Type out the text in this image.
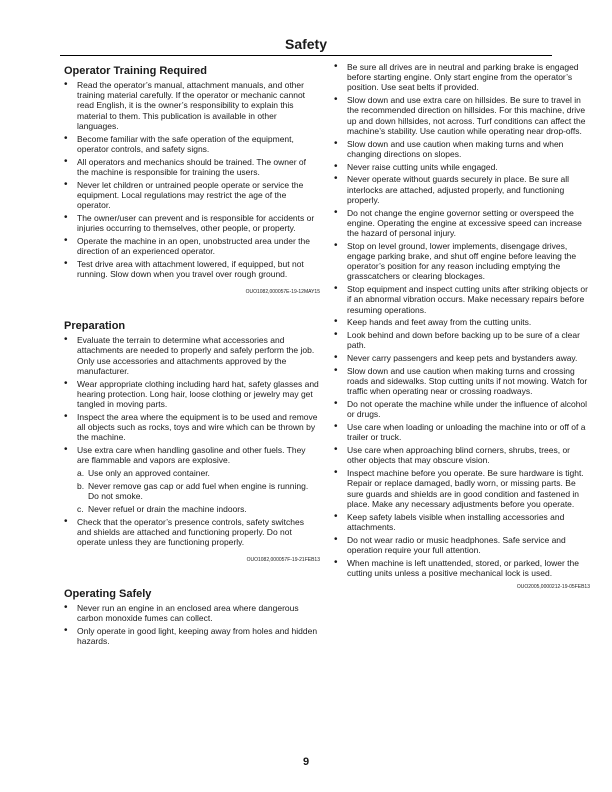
Safety
Operator Training Required
• Read the operator’s manual, attachment manuals, and other training material carefully. If the operator or mechanic cannot read English, it is the owner’s responsibility to explain this material to them. This publication is available in other languages.
• Become familiar with the safe operation of the equipment, operator controls, and safety signs.
• All operators and mechanics should be trained. The owner of the machine is responsible for training the users.
• Never let children or untrained people operate or service the equipment. Local regulations may restrict the age of the operator.
• The owner/user can prevent and is responsible for accidents or injuries occurring to themselves, other people, or property.
• Operate the machine in an open, unobstructed area under the direction of an experienced operator.
• Test drive area with attachment lowered, if equipped, but not running. Slow down when you travel over rough ground.
OUO1082,000057E-19-12MAY15
Preparation
• Evaluate the terrain to determine what accessories and attachments are needed to properly and safely perform the job. Only use accessories and attachments approved by the manufacturer.
• Wear appropriate clothing including hard hat, safety glasses and hearing protection. Long hair, loose clothing or jewelry may get tangled in moving parts.
• Inspect the area where the equipment is to be used and remove all objects such as rocks, toys and wire which can be thrown by the machine.
• Use extra care when handling gasoline and other fuels. They are flammable and vapors are explosive.
a. Use only an approved container.
b. Never remove gas cap or add fuel when engine is running. Do not smoke.
c. Never refuel or drain the machine indoors.
• Check that the operator’s presence controls, safety switches and shields are attached and functioning properly. Do not operate unless they are functioning properly.
OUO1082,000057F-19-21FEB13
Operating Safely
• Never run an engine in an enclosed area where dangerous carbon monoxide fumes can collect.
• Only operate in good light, keeping away from holes and hidden hazards.
• Be sure all drives are in neutral and parking brake is engaged before starting engine. Only start engine from the operator’s position. Use seat belts if provided.
• Slow down and use extra care on hillsides. Be sure to travel in the recommended direction on hillsides. For this machine, drive up and down hillsides, not across. Turf conditions can affect the machine’s stability. Use caution while operating near drop-offs.
• Slow down and use caution when making turns and when changing directions on slopes.
• Never raise cutting units while engaged.
• Never operate without guards securely in place. Be sure all interlocks are attached, adjusted properly, and functioning properly.
• Do not change the engine governor setting or overspeed the engine. Operating the engine at excessive speed can increase the hazard of personal injury.
• Stop on level ground, lower implements, disengage drives, engage parking brake, and shut off engine before leaving the operator’s position for any reason including emptying the grasscatchers or clearing blockages.
• Stop equipment and inspect cutting units after striking objects or if an abnormal vibration occurs. Make necessary repairs before resuming operations.
• Keep hands and feet away from the cutting units.
• Look behind and down before backing up to be sure of a clear path.
• Never carry passengers and keep pets and bystanders away.
• Slow down and use caution when making turns and crossing roads and sidewalks. Stop cutting units if not mowing. Watch for traffic when operating near or crossing roadways.
• Do not operate the machine while under the influence of alcohol or drugs.
• Use care when loading or unloading the machine into or off of a trailer or truck.
• Use care when approaching blind corners, shrubs, trees, or other objects that may obscure vision.
• Inspect machine before you operate. Be sure hardware is tight. Repair or replace damaged, badly worn, or missing parts. Be sure guards and shields are in good condition and fastened in place. Make any necessary adjustments before you operate.
• Keep safety labels visible when installing accessories and attachments.
• Do not wear radio or music headphones. Safe service and operation require your full attention.
• When machine is left unattended, stored, or parked, lower the cutting units unless a positive mechanical lock is used.
OUO2005,0000212-19-05FEB13
9
